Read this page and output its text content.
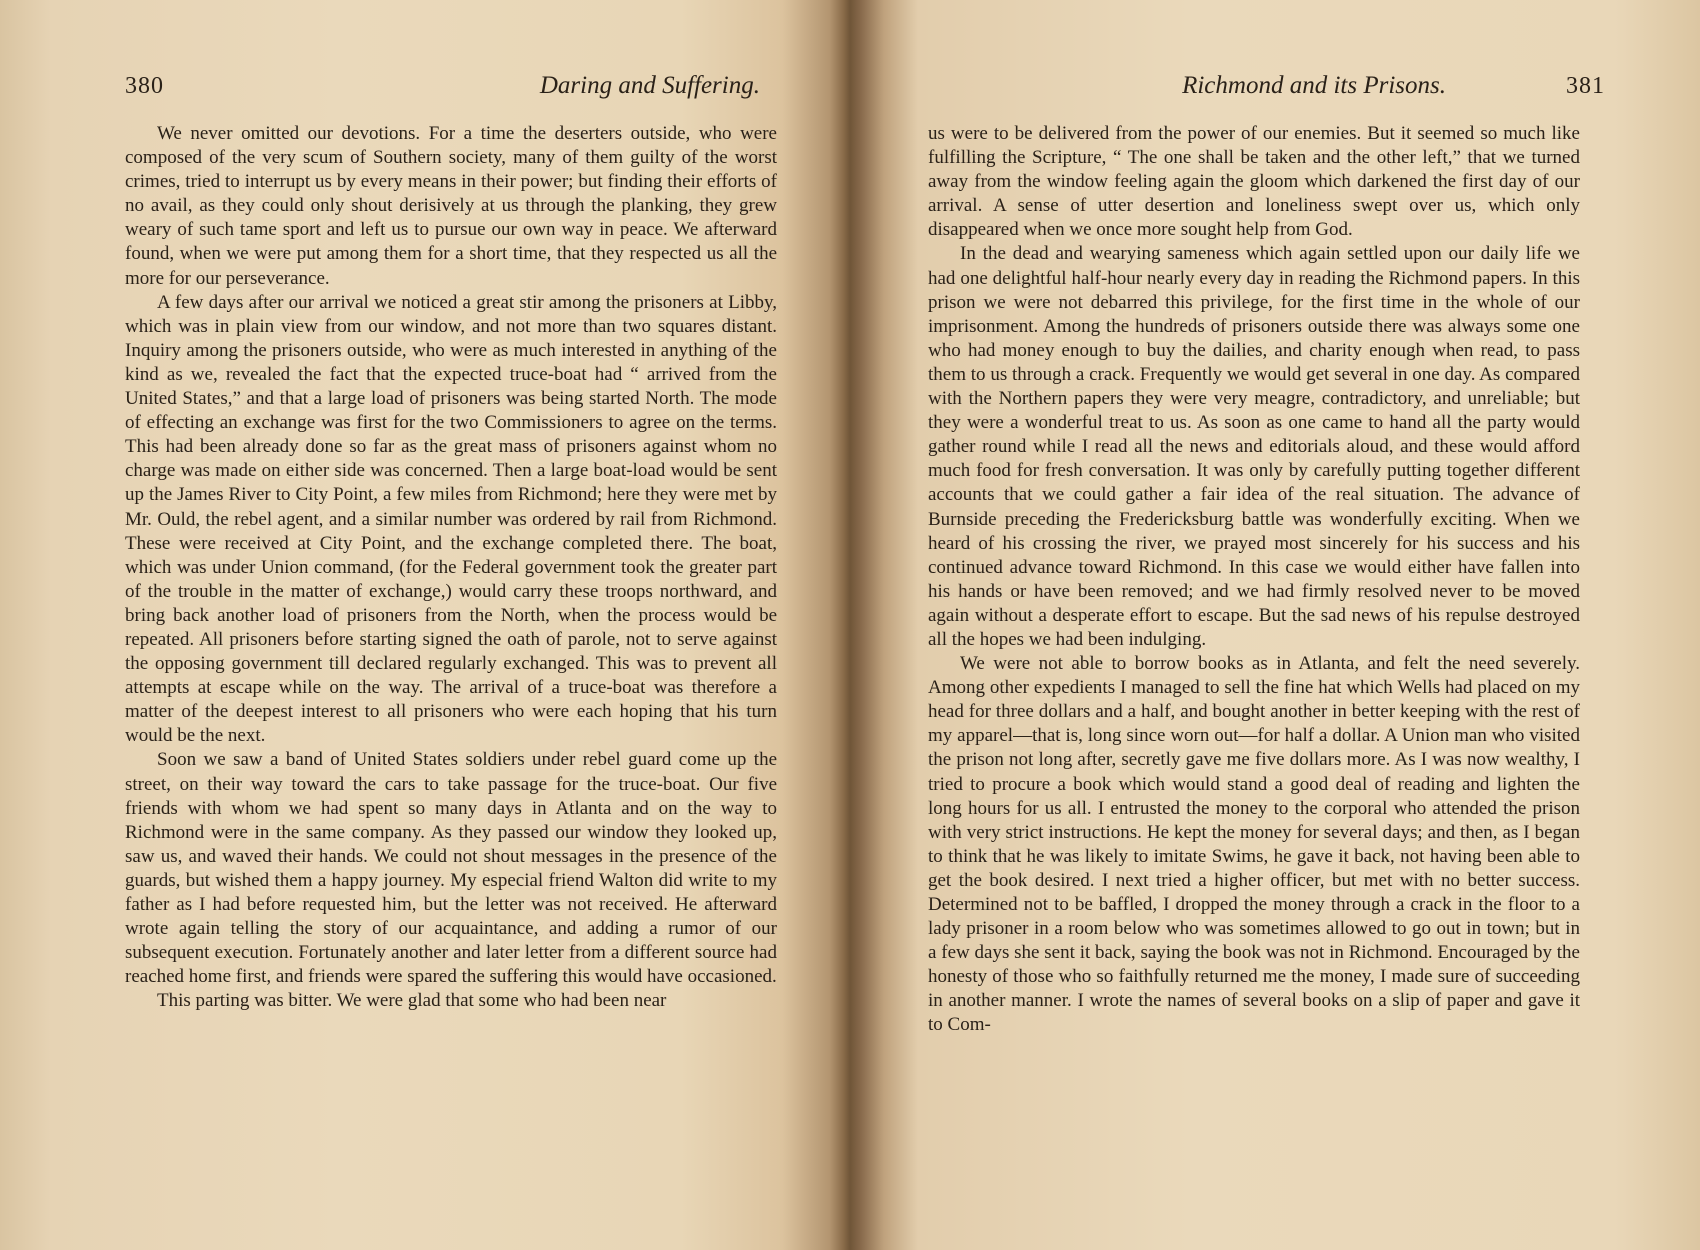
380	Daring and Suffering.

We never omitted our devotions. For a time the deserters outside, who were composed of the very scum of Southern society, many of them guilty of the worst crimes, tried to interrupt us by every means in their power; but finding their efforts of no avail, as they could only shout derisively at us through the planking, they grew weary of such tame sport and left us to pursue our own way in peace. We afterward found, when we were put among them for a short time, that they respected us all the more for our perseverance.

A few days after our arrival we noticed a great stir among the prisoners at Libby, which was in plain view from our window, and not more than two squares distant. Inquiry among the prisoners outside, who were as much interested in anything of the kind as we, revealed the fact that the expected truce-boat had “ arrived from the United States,” and that a large load of prisoners was being started North. The mode of effecting an exchange was first for the two Commissioners to agree on the terms. This had been already done so far as the great mass of prisoners against whom no charge was made on either side was concerned. Then a large boat-load would be sent up the James River to City Point, a few miles from Richmond; here they were met by Mr. Ould, the rebel agent, and a similar number was ordered by rail from Richmond. These were received at City Point, and the exchange completed there. The boat, which was under Union command, (for the Federal government took the greater part of the trouble in the matter of exchange,) would carry these troops northward, and bring back another load of prisoners from the North, when the process would be repeated. All prisoners before starting signed the oath of parole, not to serve against the opposing government till declared regularly exchanged. This was to prevent all attempts at escape while on the way. The arrival of a truce-boat was therefore a matter of the deepest interest to all prisoners who were each hoping that his turn would be the next.

Soon we saw a band of United States soldiers under rebel guard come up the street, on their way toward the cars to take passage for the truce-boat. Our five friends with whom we had spent so many days in Atlanta and on the way to Richmond were in the same company. As they passed our window they looked up, saw us, and waved their hands. We could not shout messages in the presence of the guards, but wished them a happy journey. My especial friend Walton did write to my father as I had before requested him, but the letter was not received. He afterward wrote again telling the story of our acquaintance, and adding a rumor of our subsequent execution. Fortunately another and later letter from a different source had reached home first, and friends were spared the suffering this would have occasioned.

This parting was bitter. We were glad that some who had been near

Richmond and its Prisons.	381

us were to be delivered from the power of our enemies. But it seemed so much like fulfilling the Scripture, “ The one shall be taken and the other left,” that we turned away from the window feeling again the gloom which darkened the first day of our arrival. A sense of utter desertion and loneliness swept over us, which only disappeared when we once more sought help from God.

In the dead and wearying sameness which again settled upon our daily life we had one delightful half-hour nearly every day in reading the Richmond papers. In this prison we were not debarred this privilege, for the first time in the whole of our imprisonment. Among the hundreds of prisoners outside there was always some one who had money enough to buy the dailies, and charity enough when read, to pass them to us through a crack. Frequently we would get several in one day. As compared with the Northern papers they were very meagre, contradictory, and unreliable; but they were a wonderful treat to us. As soon as one came to hand all the party would gather round while I read all the news and editorials aloud, and these would afford much food for fresh conversation. It was only by carefully putting together different accounts that we could gather a fair idea of the real situation. The advance of Burnside preceding the Fredericksburg battle was wonderfully exciting. When we heard of his crossing the river, we prayed most sincerely for his success and his continued advance toward Richmond. In this case we would either have fallen into his hands or have been removed; and we had firmly resolved never to be moved again without a desperate effort to escape. But the sad news of his repulse destroyed all the hopes we had been indulging.

We were not able to borrow books as in Atlanta, and felt the need severely. Among other expedients I managed to sell the fine hat which Wells had placed on my head for three dollars and a half, and bought another in better keeping with the rest of my apparel—that is, long since worn out—for half a dollar. A Union man who visited the prison not long after, secretly gave me five dollars more. As I was now wealthy, I tried to procure a book which would stand a good deal of reading and lighten the long hours for us all. I entrusted the money to the corporal who attended the prison with very strict instructions. He kept the money for several days; and then, as I began to think that he was likely to imitate Swims, he gave it back, not having been able to get the book desired. I next tried a higher officer, but met with no better success. Determined not to be baffled, I dropped the money through a crack in the floor to a lady prisoner in a room below who was sometimes allowed to go out in town; but in a few days she sent it back, saying the book was not in Richmond. Encouraged by the honesty of those who so faithfully returned me the money, I made sure of succeeding in another manner. I wrote the names of several books on a slip of paper and gave it to Com-
